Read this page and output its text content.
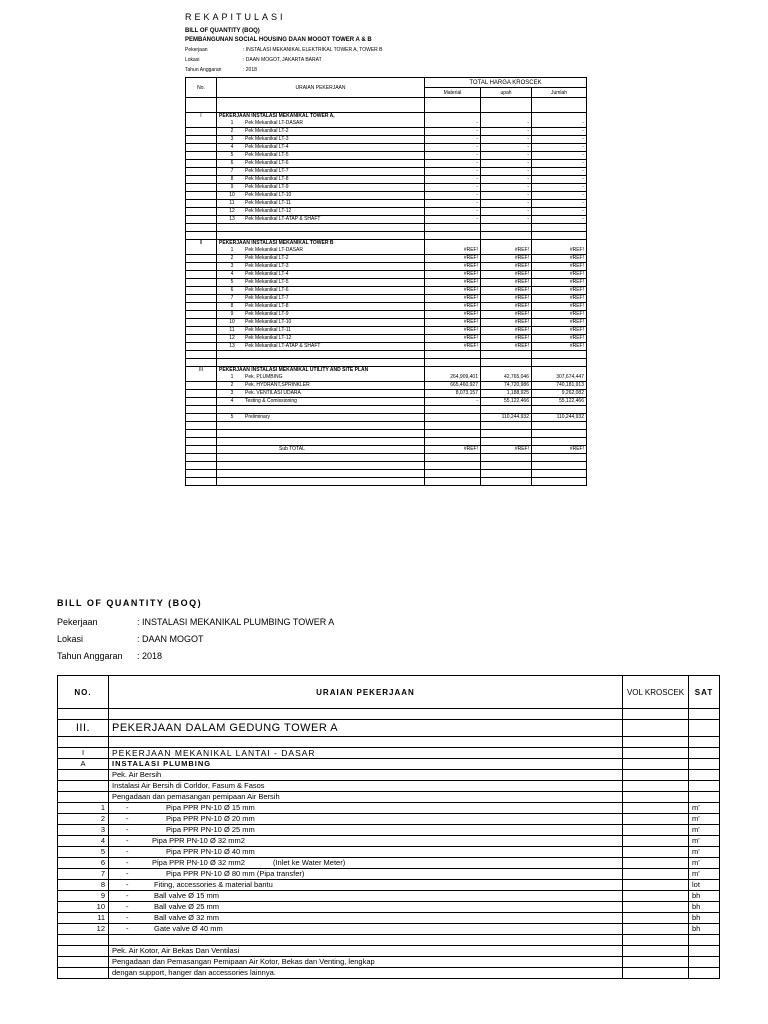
REKAPITULASI
BILL OF QUANTITY (BOQ)
PEMBANGUNAN SOCIAL HOUSING DAAN MOGOT TOWER A & B
Pekerjaan	: INSTALASI MEKANIKAL ELEKTRIKAL TOWER A, TOWER B
Lokasi	: DAAN MOGOT, JAKARTA BARAT
Tahun Anggaran	: 2018
No.	URAIAN PEKERJAAN	TOTAL HARGA KROSCEK		
		Material	upah	Jumlah

I	PEKERJAAN INSTALASI MEKANIKAL TOWER A,			
	1 Pek Mekanikal LT-DASAR	-	-	-
	2 Pek Mekanikal LT-2	-	-	-
	3 Pek Mekanikal LT-3	-	-	-
	4 Pek Mekanikal LT-4	-	-	-
	5 Pek Mekanikal LT-5	-	-	-
	6 Pek Mekanikal LT-6	-	-	-
	7 Pek Mekanikal LT-7	-	-	-
	8 Pek Mekanikal LT-8	-	-	-
	9 Pek Mekanikal LT-9	-	-	-
	10 Pek Mekanikal LT-10	-	-	-
	11 Pek Mekanikal LT-11	-	-	-
	12 Pek Mekanikal LT-12	-	-	-
	13 Pek Mekanikal LT-ATAP & SHAFT	-	-	-

II	PEKERJAAN INSTALASI MEKANIKAL TOWER B			
	1 Pek Mekanikal LT-DASAR	#REF!	#REF!	#REF!
	2 Pek Mekanikal LT-2	#REF!	#REF!	#REF!
	3 Pek Mekanikal LT-3	#REF!	#REF!	#REF!
	4 Pek Mekanikal LT-4	#REF!	#REF!	#REF!
	5 Pek Mekanikal LT-5	#REF!	#REF!	#REF!
	6 Pek Mekanikal LT-6	#REF!	#REF!	#REF!
	7 Pek Mekanikal LT-7	#REF!	#REF!	#REF!
	8 Pek Mekanikal LT-8	#REF!	#REF!	#REF!
	9 Pek Mekanikal LT-9	#REF!	#REF!	#REF!
	10 Pek Mekanikal LT-10	#REF!	#REF!	#REF!
	11 Pek Mekanikal LT-11	#REF!	#REF!	#REF!
	12 Pek Mekanikal LT-12	#REF!	#REF!	#REF!
	13 Pek Mekanikal LT-ATAP & SHAFT	#REF!	#REF!	#REF!

III	PEKERJAAN INSTALASI MEKANIKAL UTILITY AND SITE PLAN			
	1 Pek. PLUMBING	264,909,401	42,765,046	307,674,447
	2 Pek. HYDRANT,SPRINKLER	665,460,927	74,720,986	740,181,913
	3 Pek. VENTILASI UDARA	8,073,157	1,188,925	9,262,082
	4 Testing & Comissioning	-	55,122,466	55,122,466

	5 Preliminary		110,244,932	110,244,932

	Sub TOTAL	#REF!	#REF!	#REF!

BILL OF QUANTITY (BOQ)
Pekerjaan	: INSTALASI MEKANIKAL PLUMBING TOWER A
Lokasi	: DAAN MOGOT
Tahun Anggaran	: 2018
NO.	URAIAN PEKERJAAN	VOL KROSCEK	SAT

III.	PEKERJAAN DALAM GEDUNG TOWER A		

I	PEKERJAAN MEKANIKAL LANTAI - DASAR		
A	INSTALASI PLUMBING		
	Pek. Air Bersih		
	Instalasi Air Bersih di Corldor, Fasum & Fasos		
	Pengadaan dan pemasangan pemipaan Air Bersih		
1	- Pipa PPR PN-10 Ø 15 mm		m'
2	- Pipa PPR PN-10 Ø 20 mm		m'
3	- Pipa PPR PN-10 Ø 25 mm		m'
4	- Pipa PPR PN-10 Ø 32 mm2		m'
5	- Pipa PPR PN-10 Ø 40 mm		m'
6	- Pipa PPR PN-10 Ø 32 mm2 (Inlet ke Water Meter)		m'
7	- Pipa PPR PN-10 Ø 80 mm (Pipa transfer)		m'
8	- Fiting, accessories & material bantu		lot
9	- Ball valve Ø 15 mm		bh
10	- Ball valve Ø 25 mm		bh
11	- Ball valve Ø 32 mm		bh
12	- Gate valve Ø 40 mm		bh

	Pek. Air Kotor, Air Bekas Dan Ventilasi		
	Pengadaan dan Pemasangan Pemipaan Air Kotor, Bekas dan Venting, lengkap		
	dengan support, hanger dan accessories lainnya.		
